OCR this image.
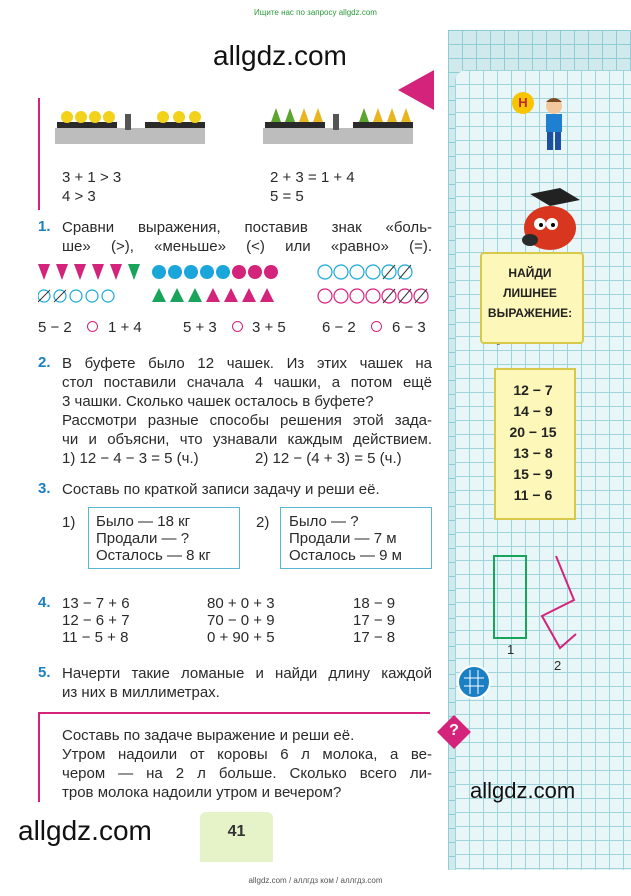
Ищите нас по запросу allgdz.com
allgdz.com
allgdz.com
allgdz.com
3 + 1 > 3
4 > 3
2 + 3 = 1 + 4
5 = 5
1. Сравни выражения, поставив знак «боль-
ше» (>), «меньше» (<) или «равно» (=).
5 − 2 1 + 4	5 + 3 3 + 5 6 − 2 6 − 3
2. В буфете было 12 чашек. Из этих чашек на
стол поставили сначала 4 чашки, а потом ещё
3 чашки. Сколько чашек осталось в буфете?
Рассмотри разные способы решения этой зада-
чи и объясни, что узнавали каждым действием.
1) 12 − 4 − 3 = 5 (ч.)	2) 12 − (4 + 3) = 5 (ч.)
3. Составь по краткой записи задачу и реши её.
1) Было — 18 кг
Продали — ?
Осталось — 8 кг
2) Было — ?
Продали — 7 м
Осталось — 9 м
4. 13 − 7 + 6
12 − 6 + 7
11 − 5 + 8
80 + 0 + 3
70 − 0 + 9
0 + 90 + 5
18 − 9
17 − 9
17 − 8
5. Начерти такие ломаные и найди длину каждой
из них в миллиметрах.
Составь по задаче выражение и реши её.
Утром надоили от коровы 6 л молока, а ве-
чером — на 2 л больше. Сколько всего ли-
тров молока надоили утром и вечером?
?
41
Н
НАЙДИ
ЛИШНЕЕ
ВЫРАЖЕНИЕ:
12 − 7
14 − 9
20 − 15
13 − 8
15 − 9
11 − 6
1
2
allgdz.com / аллгдз ком / аллгдз.com
